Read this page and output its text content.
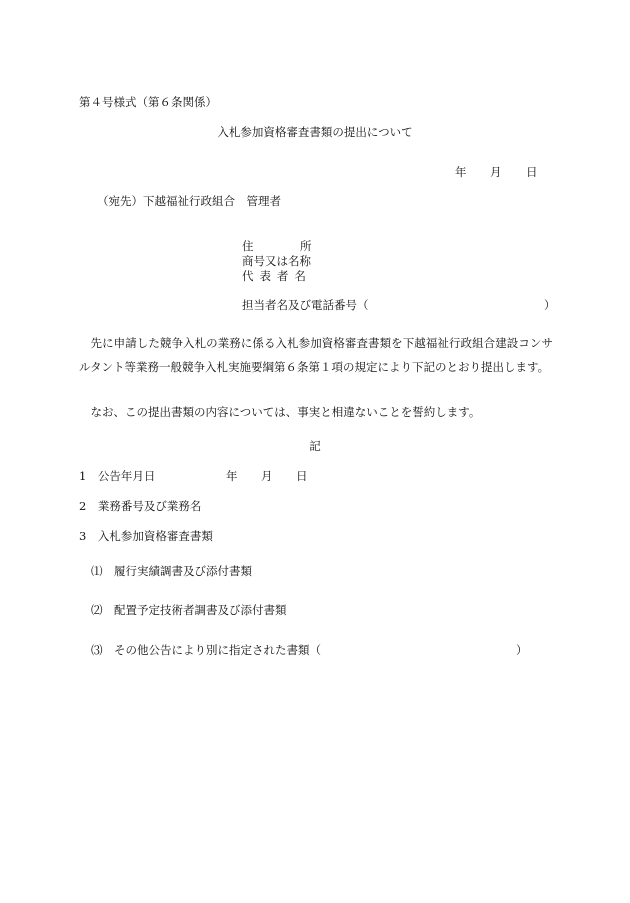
第４号様式（第６条関係）
入札参加資格審査書類の提出について
年 月 日
（宛先）下越福祉行政組合　管理者
住	所
商号又は名称
代 表 者 名
担当者名及び電話番号（	）

先に申請した競争入札の業務に係る入札参加資格審査書類を下越福祉行政組合建設コンサルタント等業務一般競争入札実施要綱第６条第１項の規定により下記のとおり提出します。

なお、この提出書類の内容については、事実と相違ないことを誓約します。
記
1　公告年月日	年 月 日
2　業務番号及び業務名
3　入札参加資格審査書類
⑴　履行実績調書及び添付書類
⑵　配置予定技術者調書及び添付書類
⑶　その他公告により別に指定された書類（	）
